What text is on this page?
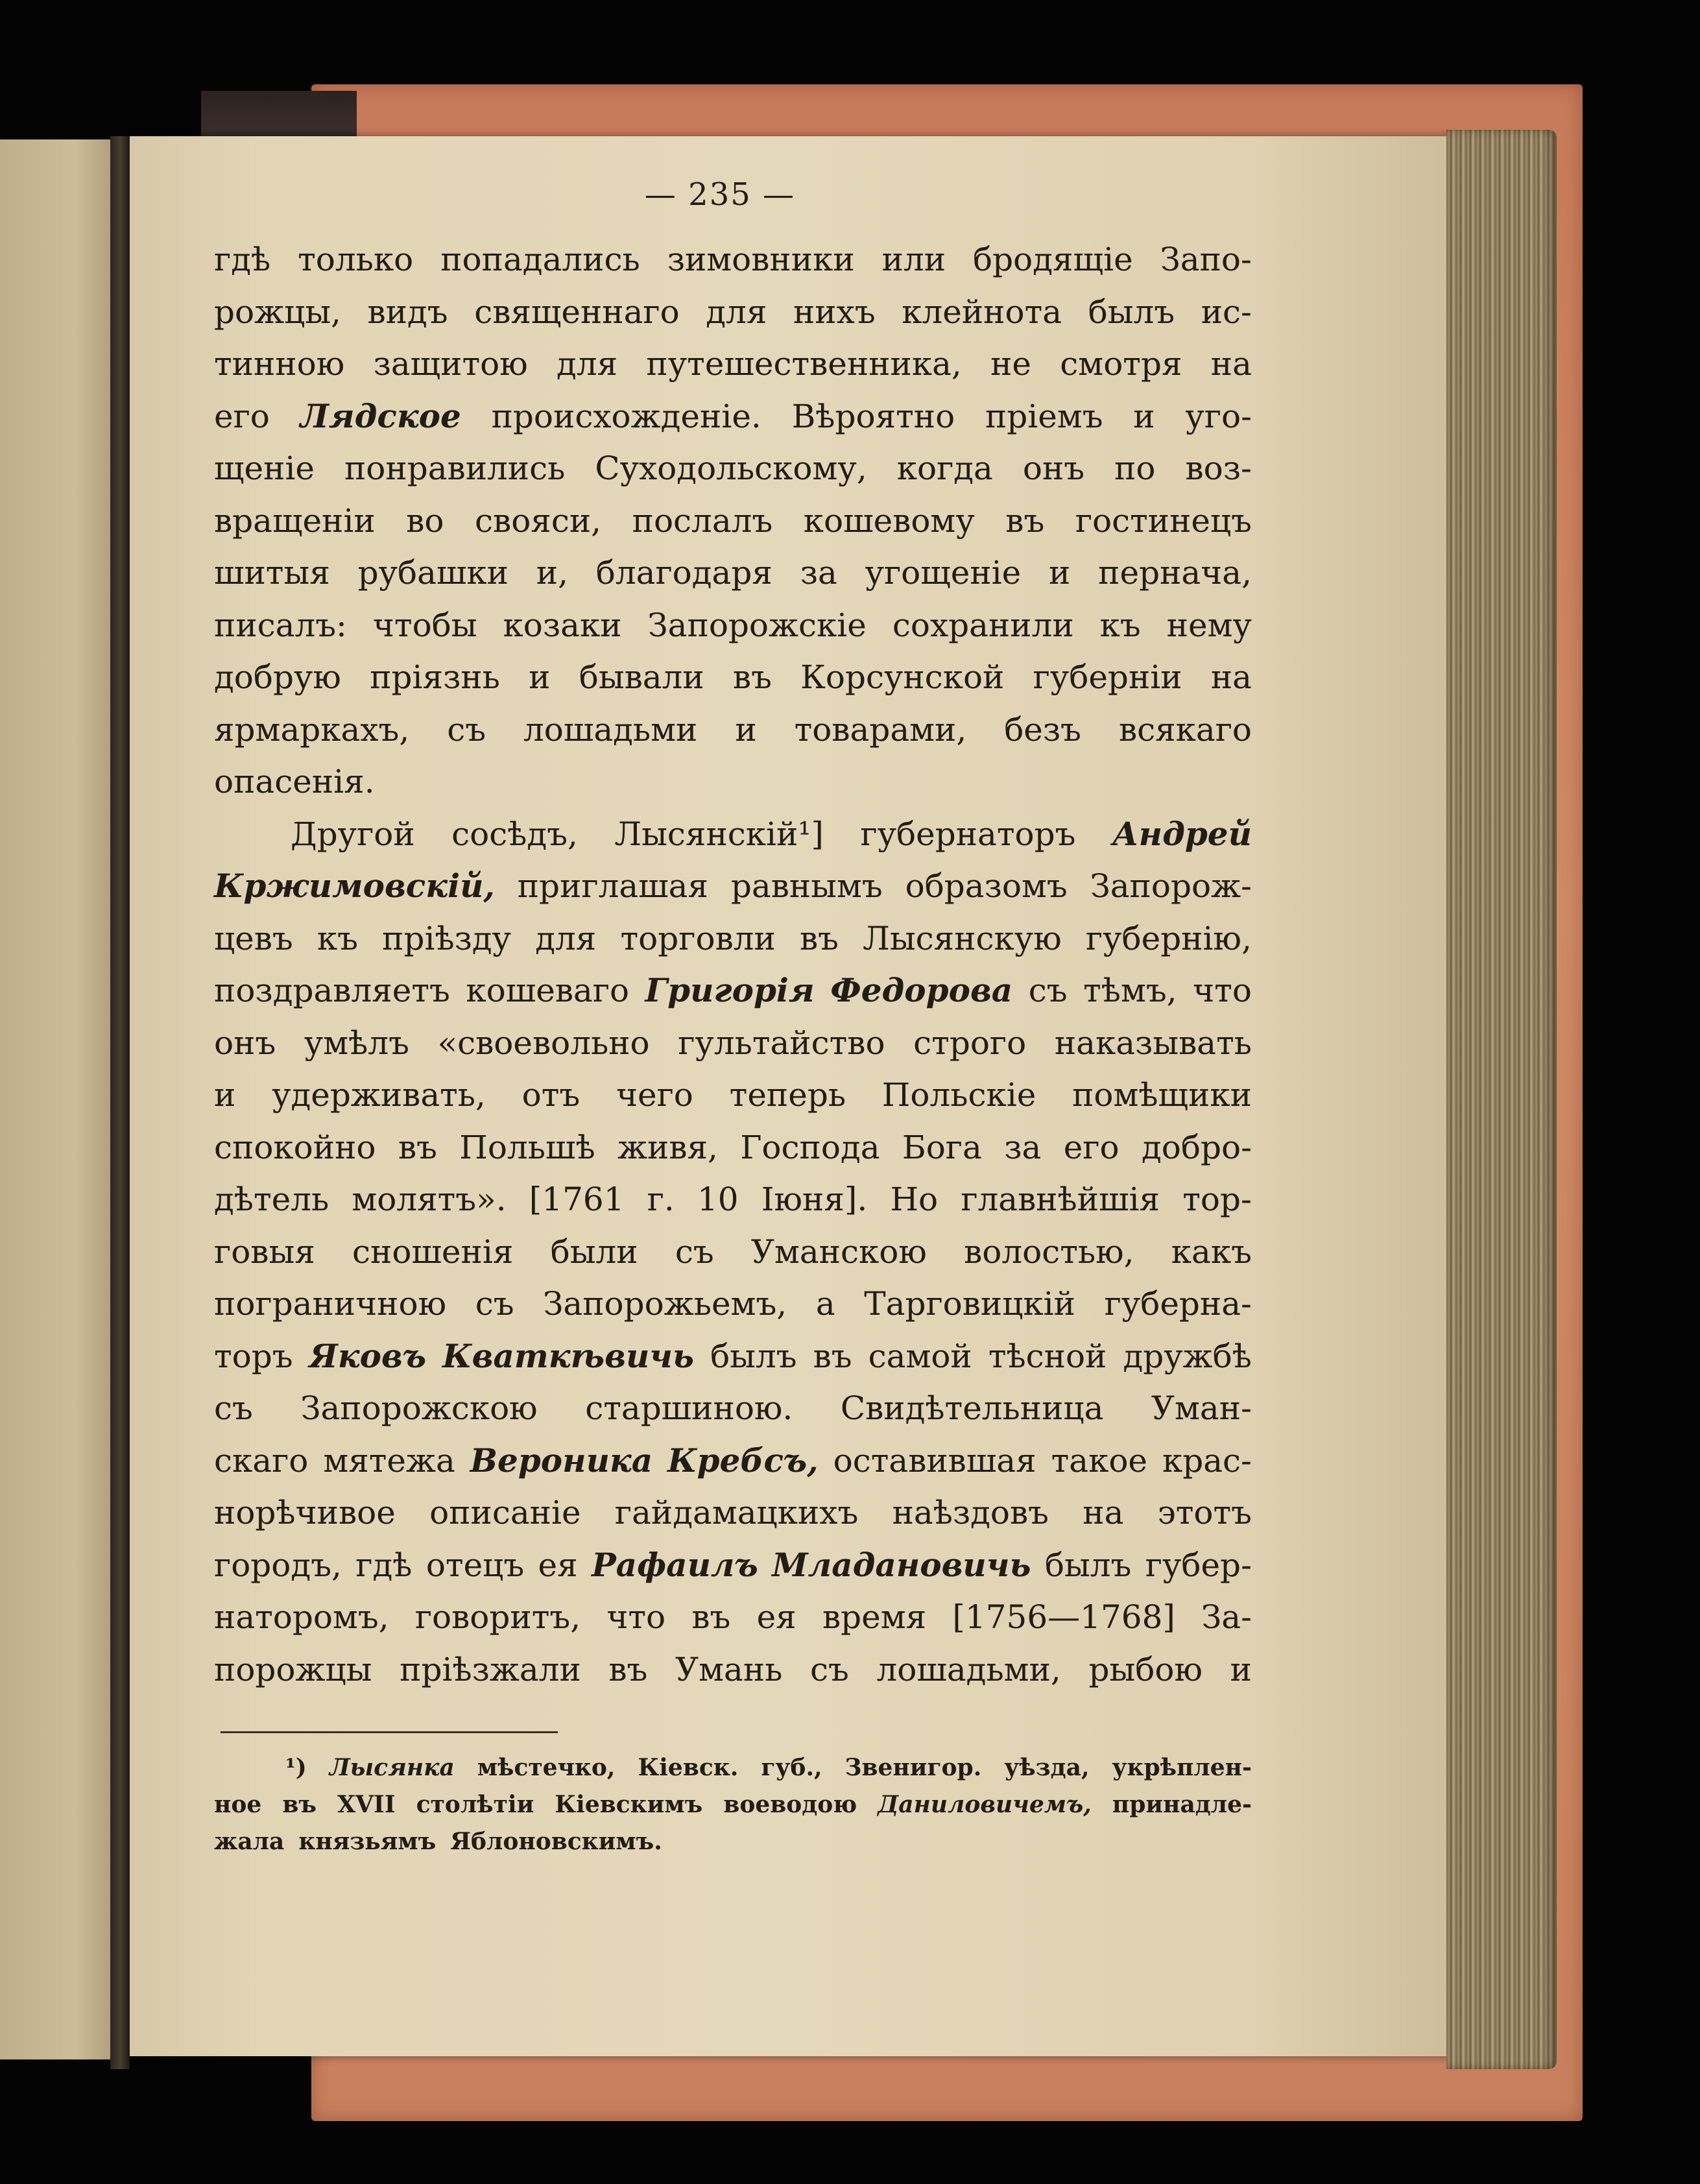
— 235 —
гдѣ только попадались зимовники или бродящіе Запо-
рожцы, видъ священнаго для нихъ клейнота былъ ис-
тинною защитою для путешественника, не смотря на
его Лядское происхожденіе. Вѣроятно пріемъ и уго-
щеніе понравились Суходольскому, когда онъ по воз-
вращеніи во свояси, послалъ кошевому въ гостинецъ
шитыя рубашки и, благодаря за угощеніе и пернача,
писалъ: чтобы козаки Запорожскіе сохранили къ нему
добрую пріязнь и бывали въ Корсунской губерніи на
ярмаркахъ, съ лошадьми и товарами, безъ всякаго
опасенія.
Другой сосѣдъ, Лысянскій¹] губернаторъ Андрей
Кржимовскій, приглашая равнымъ образомъ Запорож-
цевъ къ пріѣзду для торговли въ Лысянскую губернію,
поздравляетъ кошеваго Григорія Федорова съ тѣмъ, что
онъ умѣлъ «своевольно гультайство строго наказывать
и удерживать, отъ чего теперь Польскіе помѣщики
спокойно въ Польшѣ живя, Господа Бога за его добро-
дѣтель молятъ». [1761 г. 10 Іюня]. Но главнѣйшія тор-
говыя сношенія были съ Уманскою волостью, какъ
пограничною съ Запорожьемъ, а Тарговицкій губерна-
торъ Яковъ Кваткѣвичь былъ въ самой тѣсной дружбѣ
съ Запорожскою старшиною. Свидѣтельница Уман-
скаго мятежа Вероника Кребсъ, оставившая такое крас-
норѣчивое описаніе гайдамацкихъ наѣздовъ на этотъ
городъ, гдѣ отецъ ея Рафаилъ Младановичь былъ губер-
наторомъ, говоритъ, что въ ея время [1756—1768] За-
порожцы пріѣзжали въ Умань съ лошадьми, рыбою и
¹) Лысянка мѣстечко, Кіевск. губ., Звенигор. уѣзда, укрѣплен-
ное въ XVII столѣтіи Кіевскимъ воеводою Даниловичемъ, принадле-
жала князьямъ Яблоновскимъ.
